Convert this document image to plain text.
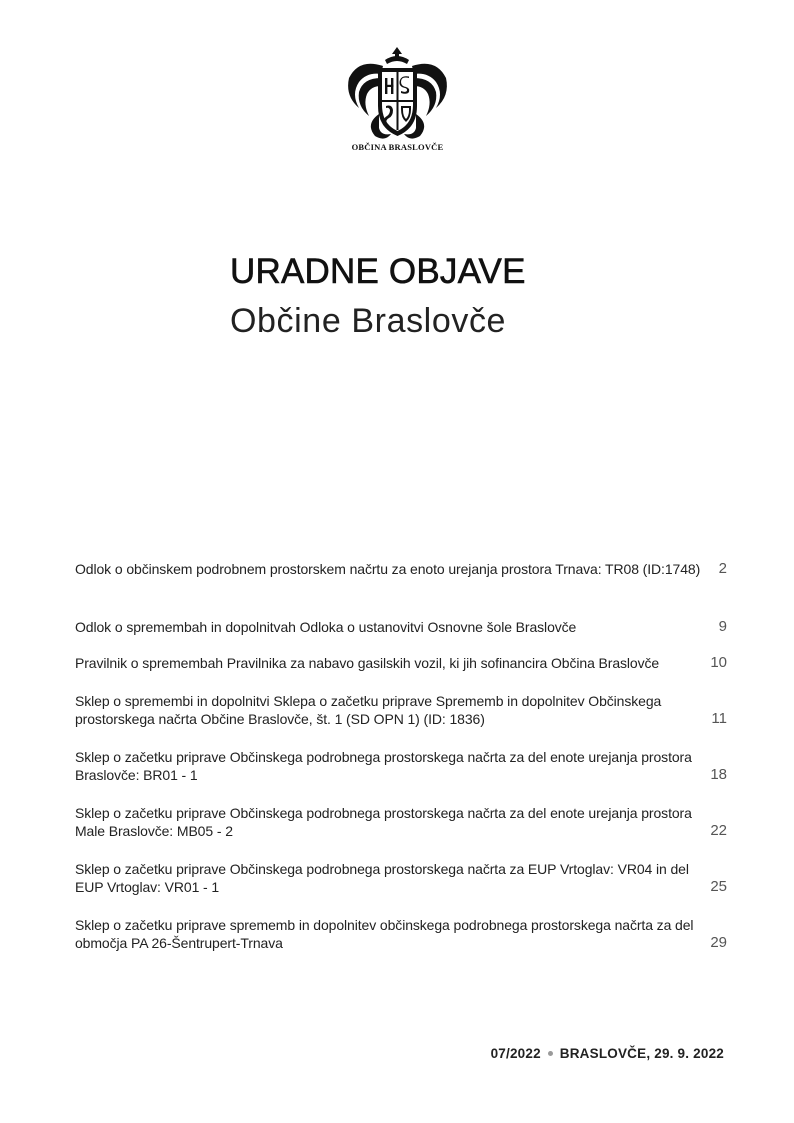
OBČINA BRASLOVČE
URADNE OBJAVE
Občine Braslovče
Odlok o občinskem podrobnem prostorskem načrtu za enoto urejanja prostora Trnava: TR08 (ID:1748)	2
Odlok o spremembah in dopolnitvah Odloka o ustanovitvi Osnovne šole Braslovče	9
Pravilnik o spremembah Pravilnika za nabavo gasilskih vozil, ki jih sofinancira Občina Braslovče	10
Sklep o spremembi in dopolnitvi Sklepa o začetku priprave Sprememb in dopolnitev Občinskega prostorskega načrta Občine Braslovče, št. 1 (SD OPN 1) (ID: 1836)	11
Sklep o začetku priprave Občinskega podrobnega prostorskega načrta za del enote urejanja prostora Braslovče: BR01 - 1	18
Sklep o začetku priprave Občinskega podrobnega prostorskega načrta za del enote urejanja prostora Male Braslovče: MB05 - 2	22
Sklep o začetku priprave Občinskega podrobnega prostorskega načrta za EUP Vrtoglav: VR04 in del EUP Vrtoglav: VR01 - 1	25
Sklep o začetku priprave sprememb in dopolnitev občinskega podrobnega prostorskega načrta za del območja PA 26-Šentrupert-Trnava	29
07/2022 BRASLOVČE, 29. 9. 2022
